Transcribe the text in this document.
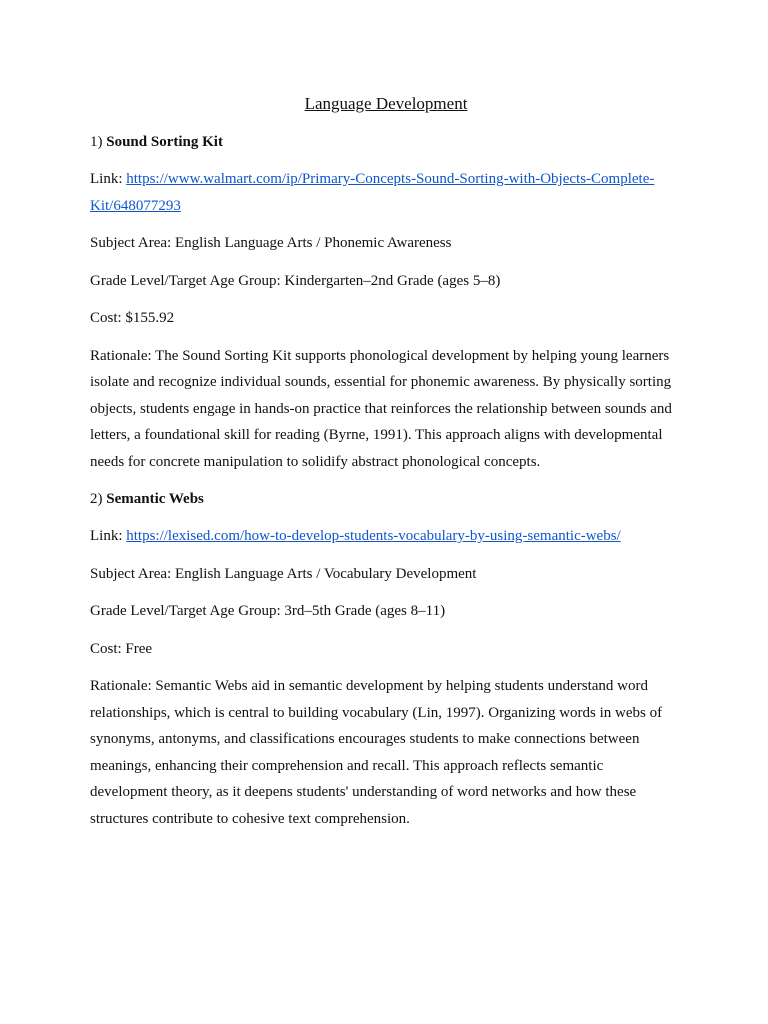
Language Development
1) Sound Sorting Kit
Link: https://www.walmart.com/ip/Primary-Concepts-Sound-Sorting-with-Objects-Complete-Kit/648077293
Subject Area: English Language Arts / Phonemic Awareness
Grade Level/Target Age Group: Kindergarten–2nd Grade (ages 5–8)
Cost: $155.92
Rationale: The Sound Sorting Kit supports phonological development by helping young learners isolate and recognize individual sounds, essential for phonemic awareness. By physically sorting objects, students engage in hands-on practice that reinforces the relationship between sounds and letters, a foundational skill for reading (Byrne, 1991). This approach aligns with developmental needs for concrete manipulation to solidify abstract phonological concepts.
2) Semantic Webs
Link: https://lexised.com/how-to-develop-students-vocabulary-by-using-semantic-webs/
Subject Area: English Language Arts / Vocabulary Development
Grade Level/Target Age Group: 3rd–5th Grade (ages 8–11)
Cost: Free
Rationale: Semantic Webs aid in semantic development by helping students understand word relationships, which is central to building vocabulary (Lin, 1997). Organizing words in webs of synonyms, antonyms, and classifications encourages students to make connections between meanings, enhancing their comprehension and recall. This approach reflects semantic development theory, as it deepens students' understanding of word networks and how these structures contribute to cohesive text comprehension.
